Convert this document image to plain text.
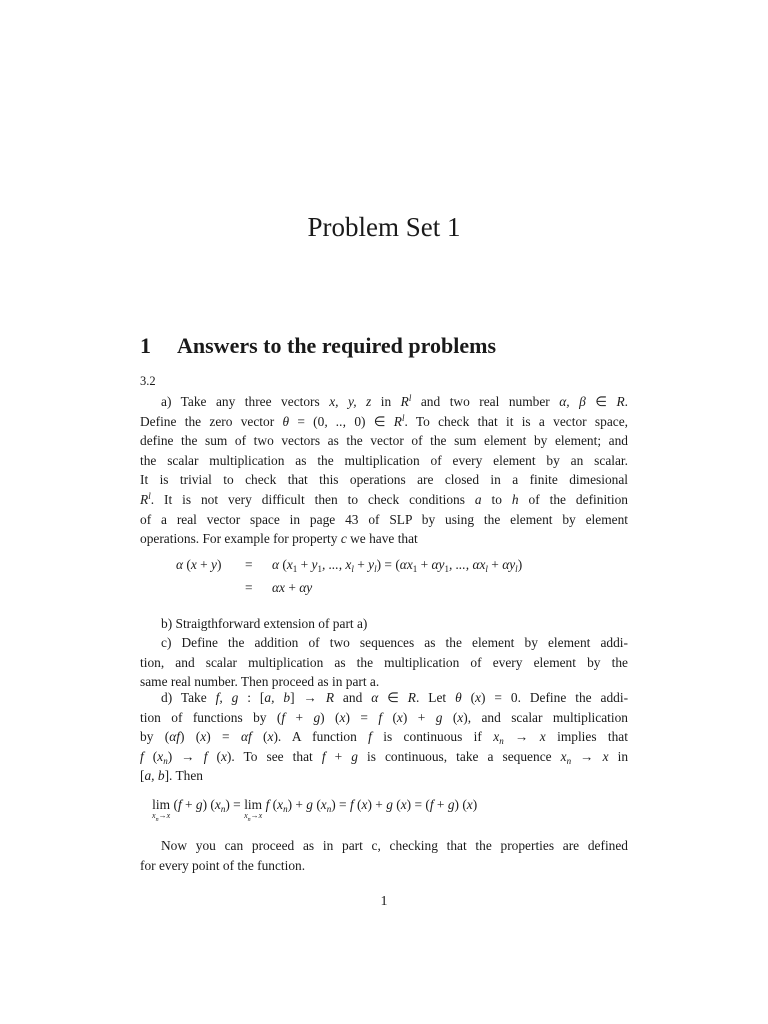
Problem Set 1
1 Answers to the required problems
3.2
a) Take any three vectors x, y, z in $R^l$ and two real number α, β ∈ R.
Define the zero vector θ = (0, .., 0) ∈ $R^l$. To check that it is a vector space,
define the sum of two vectors as the vector of the sum element by element; and
the scalar multiplication as the multiplication of every element by an scalar.
It is trivial to check that this operations are closed in a finite dimesional
$R^l$. It is not very difficult then to check conditions a to h of the definition
of a real vector space in page 43 of SLP by using the element by element
operations. For example for property c we have that
α (x + y) = α ($x_1 + y_1$, ..., $x_l + y_l) = (\alpha x_1 + \alpha y_1$, ..., $\alpha x_l + \alpha y_l$)
= αx + αy
b) Straigthforward extension of part a)
c) Define the addition of two sequences as the element by element addi-
tion, and scalar multiplication as the multiplication of every element by the
same real number. Then proceed as in part a.
d) Take f, g : [a, b] → R and α ∈ R. Let θ (x) = 0. Define the addi-
tion of functions by (f + g) (x) = f (x) + g (x), and scalar multiplication
by (αf) (x) = αf (x). A function f is continuous if $x_n \to x$ implies that
f $(x_n) \to f$ (x). To see that f + g is continuous, take a sequence $x_n \to x$ in
[a, b]. Then
lim
$x_n\to x$
(f + g) $(x_n) = \lim$
$x_n\to x$
f $(x_n) + g$ $(x_n) = f$ (x) + g (x) = (f + g) (x)
Now you can proceed as in part c, checking that the properties are defined
for every point of the function.
1
